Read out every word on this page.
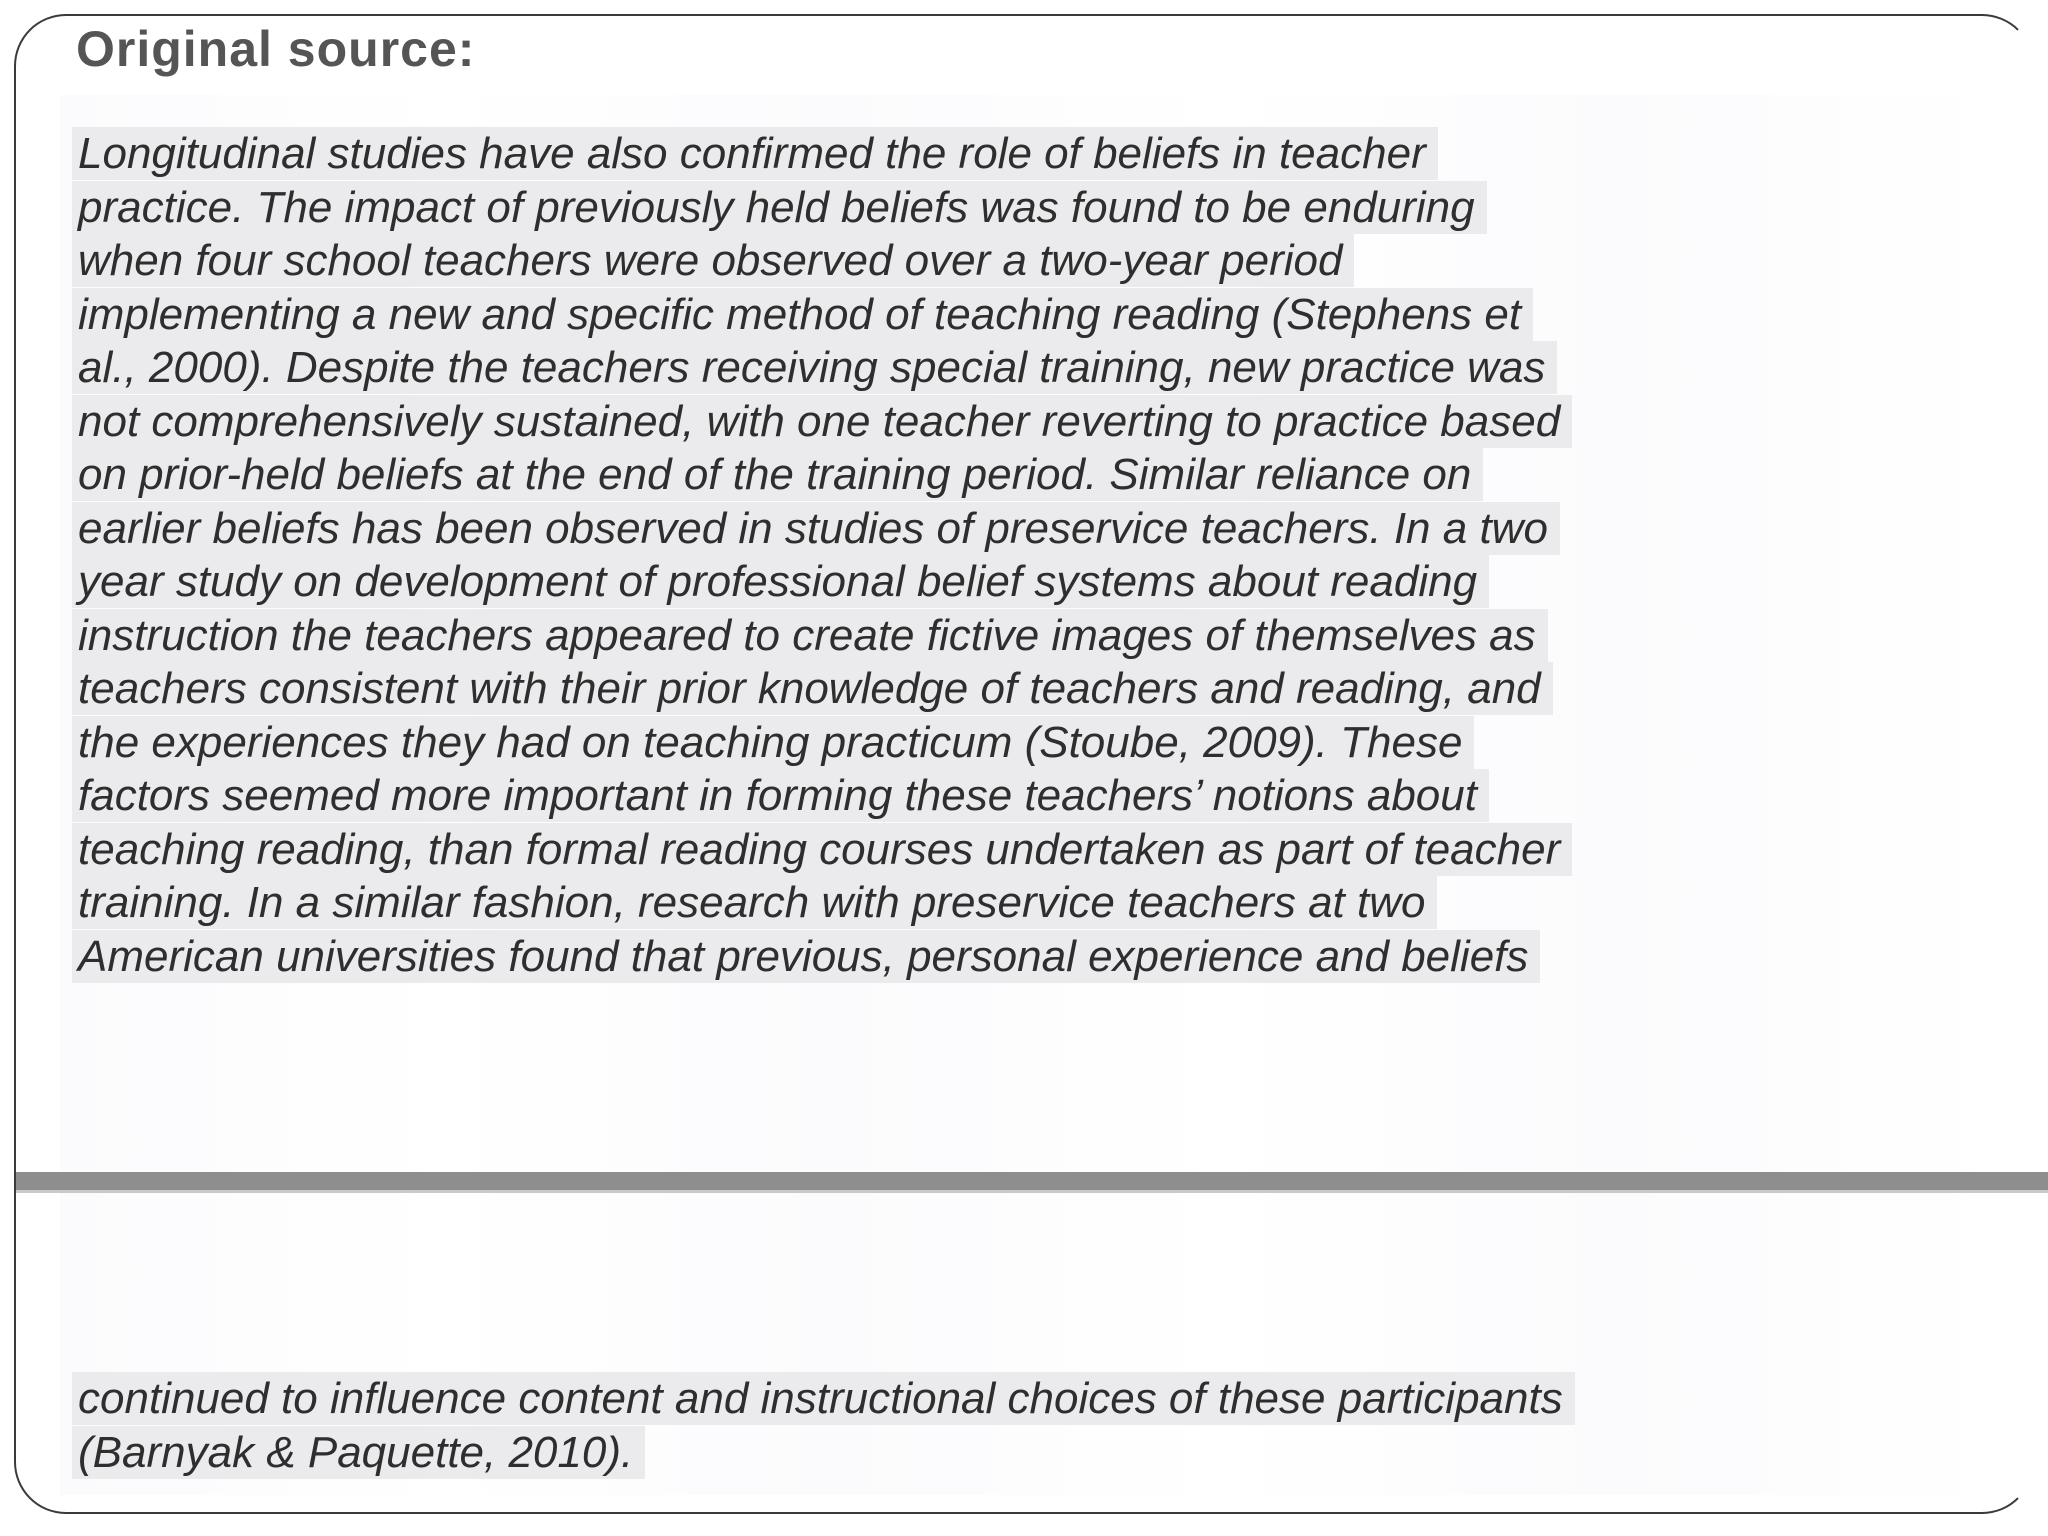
Original source:
Longitudinal studies have also confirmed the role of beliefs in teacher
practice. The impact of previously held beliefs was found to be enduring
when four school teachers were observed over a two-year period
implementing a new and specific method of teaching reading (Stephens et
al., 2000). Despite the teachers receiving special training, new practice was
not comprehensively sustained, with one teacher reverting to practice based
on prior-held beliefs at the end of the training period. Similar reliance on
earlier beliefs has been observed in studies of preservice teachers. In a two
year study on development of professional belief systems about reading
instruction the teachers appeared to create fictive images of themselves as
teachers consistent with their prior knowledge of teachers and reading, and
the experiences they had on teaching practicum (Stoube, 2009). These
factors seemed more important in forming these teachers’ notions about
teaching reading, than formal reading courses undertaken as part of teacher
training. In a similar fashion, research with preservice teachers at two
American universities found that previous, personal experience and beliefs
continued to influence content and instructional choices of these participants
(Barnyak & Paquette, 2010).
